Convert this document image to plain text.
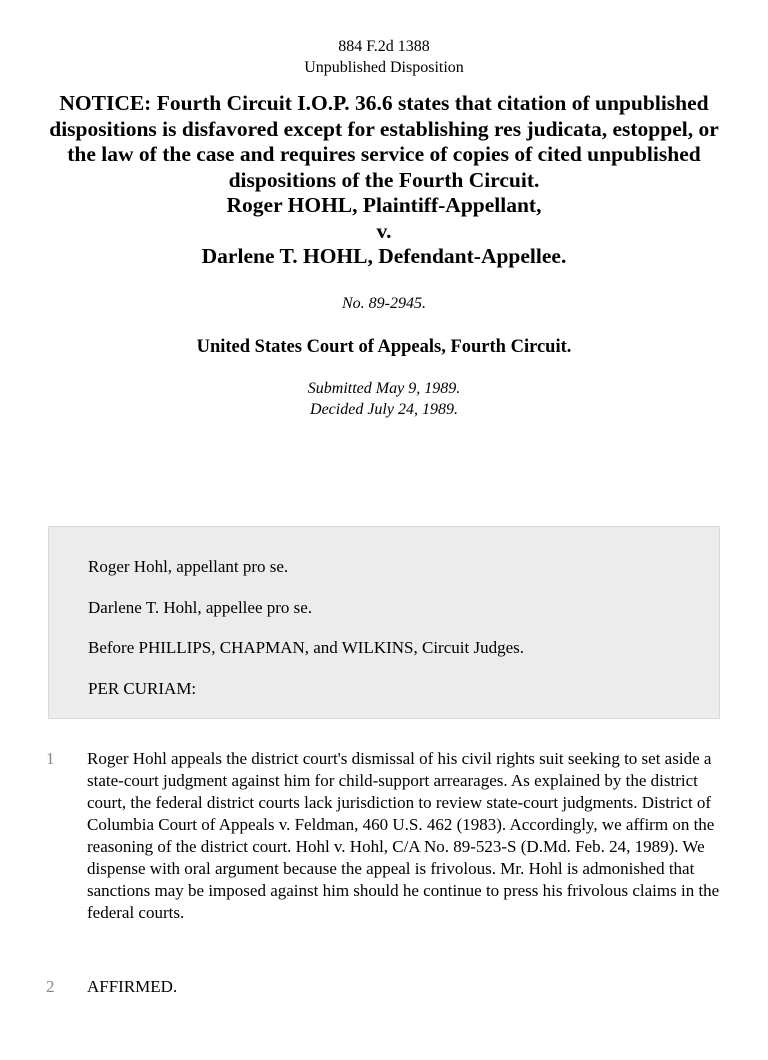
884 F.2d 1388
Unpublished Disposition
NOTICE: Fourth Circuit I.O.P. 36.6 states that citation of unpublished dispositions is disfavored except for establishing res judicata, estoppel, or the law of the case and requires service of copies of cited unpublished dispositions of the Fourth Circuit.
Roger HOHL, Plaintiff-Appellant,
v.
Darlene T. HOHL, Defendant-Appellee.
No. 89-2945.
United States Court of Appeals, Fourth Circuit.
Submitted May 9, 1989.
Decided July 24, 1989.

Roger Hohl, appellant pro se.

Darlene T. Hohl, appellee pro se.

Before PHILLIPS, CHAPMAN, and WILKINS, Circuit Judges.

PER CURIAM:

1 Roger Hohl appeals the district court's dismissal of his civil rights suit seeking to set aside a state-court judgment against him for child-support arrearages. As explained by the district court, the federal district courts lack jurisdiction to review state-court judgments. District of Columbia Court of Appeals v. Feldman, 460 U.S. 462 (1983). Accordingly, we affirm on the reasoning of the district court. Hohl v. Hohl, C/A No. 89-523-S (D.Md. Feb. 24, 1989). We dispense with oral argument because the appeal is frivolous. Mr. Hohl is admonished that sanctions may be imposed against him should he continue to press his frivolous claims in the federal courts.

2 AFFIRMED.
